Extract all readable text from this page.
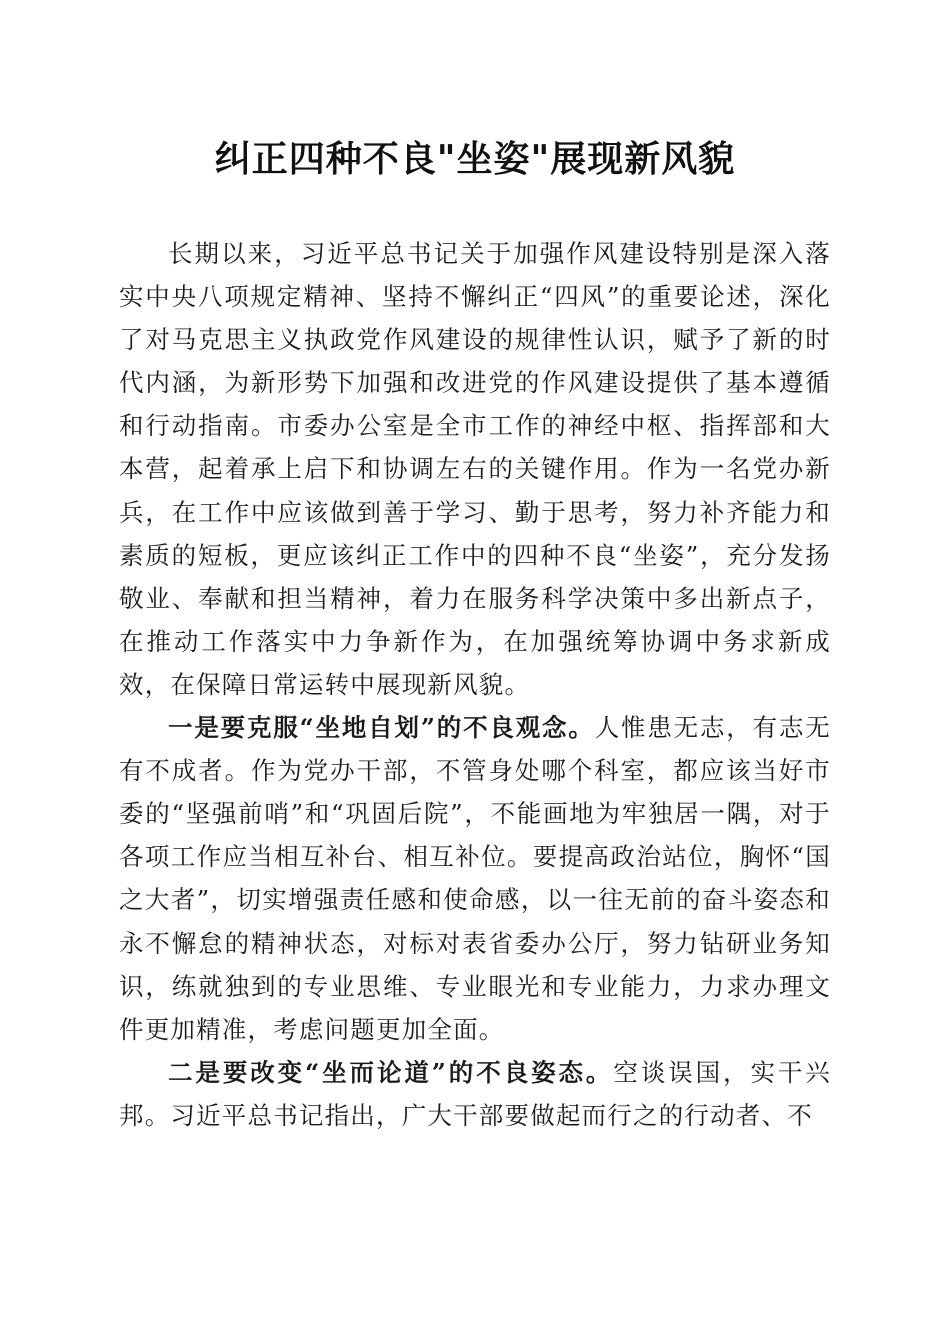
纠正四种不良"坐姿"展现新风貌

长期以来，习近平总书记关于加强作风建设特别是深入落实中央八项规定精神、坚持不懈纠正“四风”的重要论述，深化了对马克思主义执政党作风建设的规律性认识，赋予了新的时代内涵，为新形势下加强和改进党的作风建设提供了基本遵循和行动指南。市委办公室是全市工作的神经中枢、指挥部和大本营，起着承上启下和协调左右的关键作用。作为一名党办新兵，在工作中应该做到善于学习、勤于思考，努力补齐能力和素质的短板，更应该纠正工作中的四种不良“坐姿”，充分发扬敬业、奉献和担当精神，着力在服务科学决策中多出新点子，在推动工作落实中力争新作为，在加强统筹协调中务求新成效，在保障日常运转中展现新风貌。

一是要克服“坐地自划”的不良观念。人惟患无志，有志无有不成者。作为党办干部，不管身处哪个科室，都应该当好市委的“坚强前哨”和“巩固后院”，不能画地为牢独居一隅，对于各项工作应当相互补台、相互补位。要提高政治站位，胸怀“国之大者”，切实增强责任感和使命感，以一往无前的奋斗姿态和永不懈怠的精神状态，对标对表省委办公厅，努力钻研业务知识，练就独到的专业思维、专业眼光和专业能力，力求办理文件更加精准，考虑问题更加全面。

二是要改变“坐而论道”的不良姿态。空谈误国，实干兴邦。习近平总书记指出，广大干部要做起而行之的行动者、不
